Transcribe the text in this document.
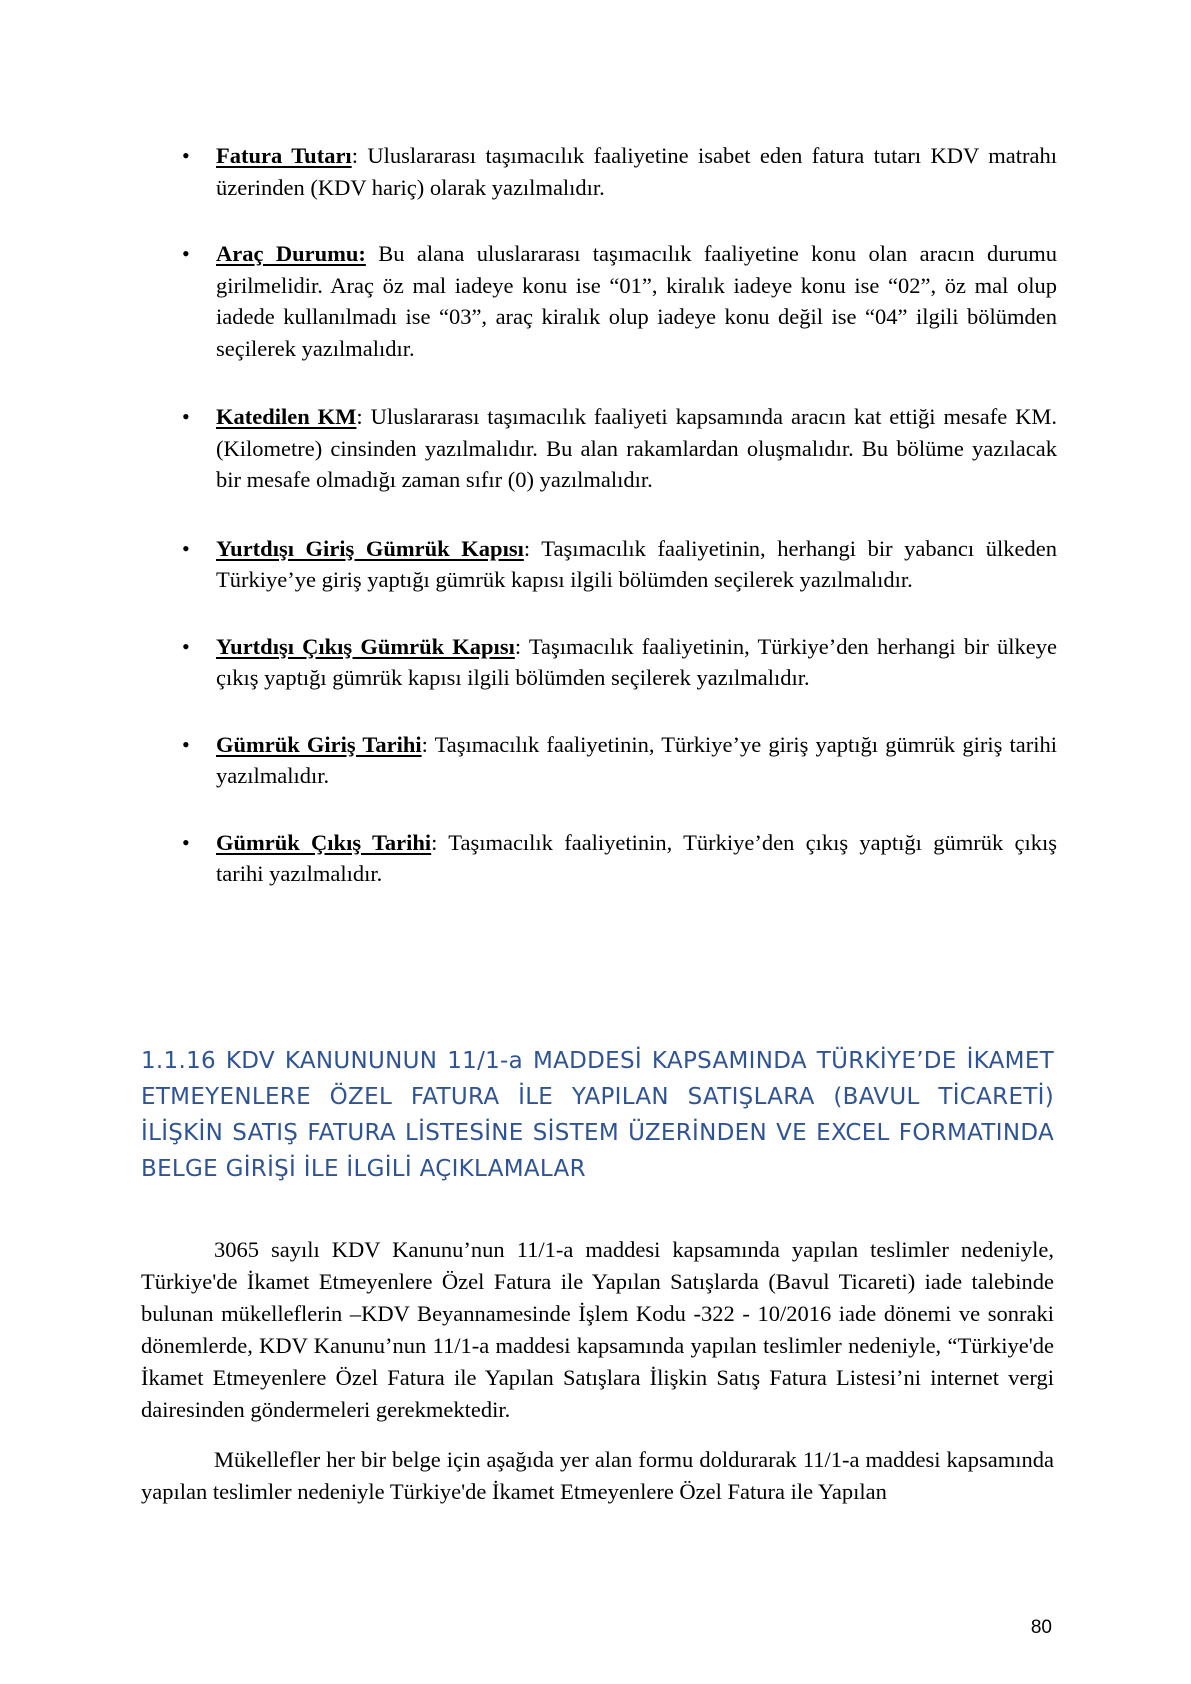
• Fatura Tutarı: Uluslararası taşımacılık faaliyetine isabet eden fatura tutarı KDV matrahı üzerinden (KDV hariç) olarak yazılmalıdır.
• Araç Durumu: Bu alana uluslararası taşımacılık faaliyetine konu olan aracın durumu girilmelidir. Araç öz mal iadeye konu ise “01”, kiralık iadeye konu ise “02”, öz mal olup iadede kullanılmadı ise “03”, araç kiralık olup iadeye konu değil ise “04” ilgili bölümden seçilerek yazılmalıdır.
• Katedilen KM: Uluslararası taşımacılık faaliyeti kapsamında aracın kat ettiği mesafe KM. (Kilometre) cinsinden yazılmalıdır. Bu alan rakamlardan oluşmalıdır. Bu bölüme yazılacak bir mesafe olmadığı zaman sıfır (0) yazılmalıdır.
• Yurtdışı Giriş Gümrük Kapısı: Taşımacılık faaliyetinin, herhangi bir yabancı ülkeden Türkiye’ye giriş yaptığı gümrük kapısı ilgili bölümden seçilerek yazılmalıdır.
• Yurtdışı Çıkış Gümrük Kapısı: Taşımacılık faaliyetinin, Türkiye’den herhangi bir ülkeye çıkış yaptığı gümrük kapısı ilgili bölümden seçilerek yazılmalıdır.
• Gümrük Giriş Tarihi: Taşımacılık faaliyetinin, Türkiye’ye giriş yaptığı gümrük giriş tarihi yazılmalıdır.
• Gümrük Çıkış Tarihi: Taşımacılık faaliyetinin, Türkiye’den çıkış yaptığı gümrük çıkış tarihi yazılmalıdır.
1.1.16 KDV KANUNUNUN 11/1-a MADDESİ KAPSAMINDA TÜRKİYE’DE İKAMET ETMEYENLERE ÖZEL FATURA İLE YAPILAN SATIŞLARA (BAVUL TİCARETİ) İLİŞKİN SATIŞ FATURA LİSTESİNE SİSTEM ÜZERİNDEN VE EXCEL FORMATINDA BELGE GİRİŞİ İLE İLGİLİ AÇIKLAMALAR

3065 sayılı KDV Kanunu’nun 11/1-a maddesi kapsamında yapılan teslimler nedeniyle, Türkiye'de İkamet Etmeyenlere Özel Fatura ile Yapılan Satışlarda (Bavul Ticareti) iade talebinde bulunan mükelleflerin –KDV Beyannamesinde İşlem Kodu -322 - 10/2016 iade dönemi ve sonraki dönemlerde, KDV Kanunu’nun 11/1-a maddesi kapsamında yapılan teslimler nedeniyle, “Türkiye'de İkamet Etmeyenlere Özel Fatura ile Yapılan Satışlara İlişkin Satış Fatura Listesi’ni internet vergi dairesinden göndermeleri gerekmektedir.

Mükellefler her bir belge için aşağıda yer alan formu doldurarak 11/1-a maddesi kapsamında yapılan teslimler nedeniyle Türkiye'de İkamet Etmeyenlere Özel Fatura ile Yapılan

80
